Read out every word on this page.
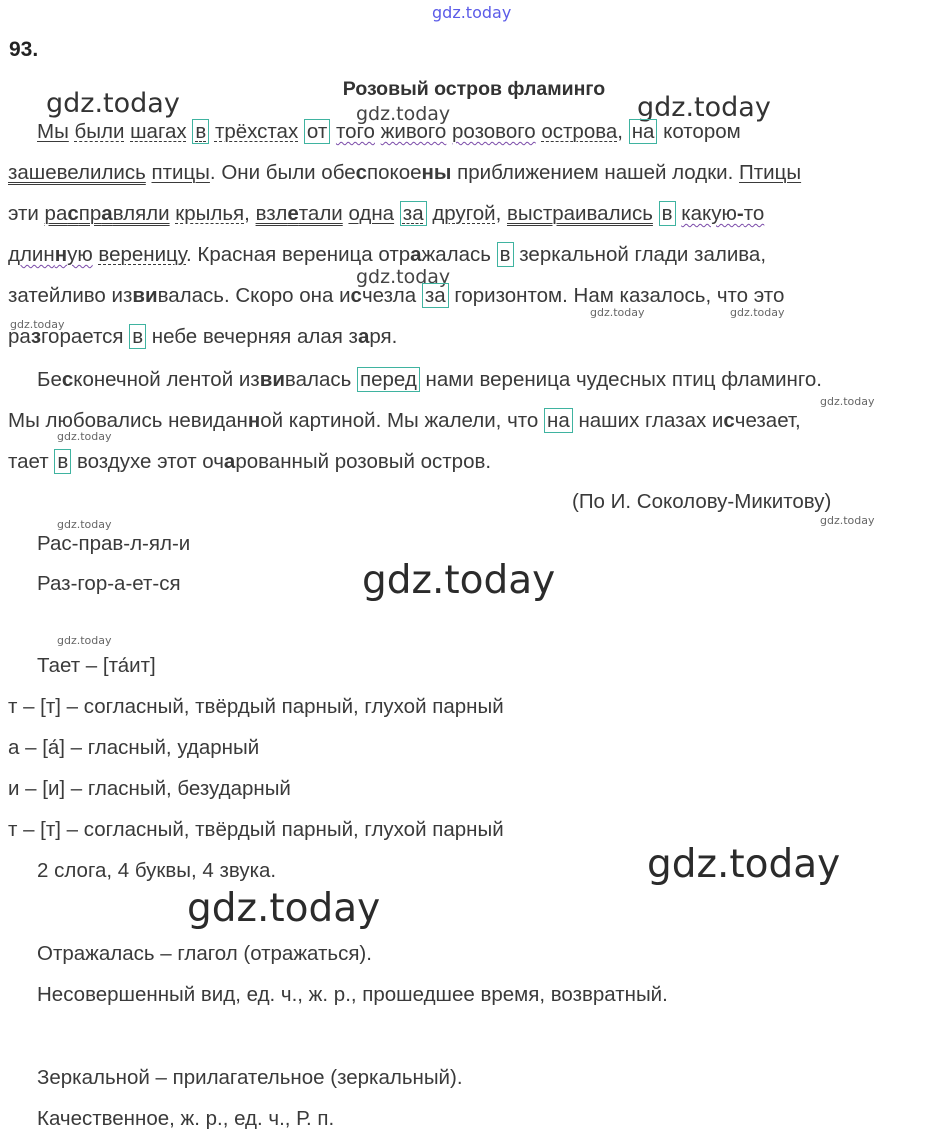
gdz.today
gdz.today	gdz.today	gdz.today
gdz.today
gdz.today
gdz.today	gdz.today
gdz.today
gdz.today
gdz.today	gdz.today
gdz.today
gdz.today
gdz.today
gdz.today
93.
Розовый остров фламинго
Мы были шагах в трёхстах от того живого розового острова, на котором
зашевелились птицы. Они были обеспокоены приближением нашей лодки. Птицы
эти расправляли крылья, взлетали одна за другой, выстраивались в какую-то
длинную вереницу. Красная вереница отражалась в зеркальной глади залива,
затейливо извивалась. Скоро она исчезла за горизонтом. Нам казалось, что это
разгорается в небе вечерняя алая заря.
Бесконечной лентой извивалась перед нами вереница чудесных птиц фламинго.
Мы любовались невиданной картиной. Мы жалели, что на наших глазах исчезает,
тает в воздухе этот очарованный розовый остров.
(По И. Соколову-Микитову)
Рас-прав-л-ял-и
Раз-гор-а-ет-ся
Тает – [та́ит]
т – [т] – согласный, твёрдый парный, глухой парный
а – [а́] – гласный, ударный
и – [и] – гласный, безударный
т – [т] – согласный, твёрдый парный, глухой парный
2 слога, 4 буквы, 4 звука.
Отражалась – глагол (отражаться).
Несовершенный вид, ед. ч., ж. р., прошедшее время, возвратный.
Зеркальной – прилагательное (зеркальный).
Качественное, ж. р., ед. ч., Р. п.
